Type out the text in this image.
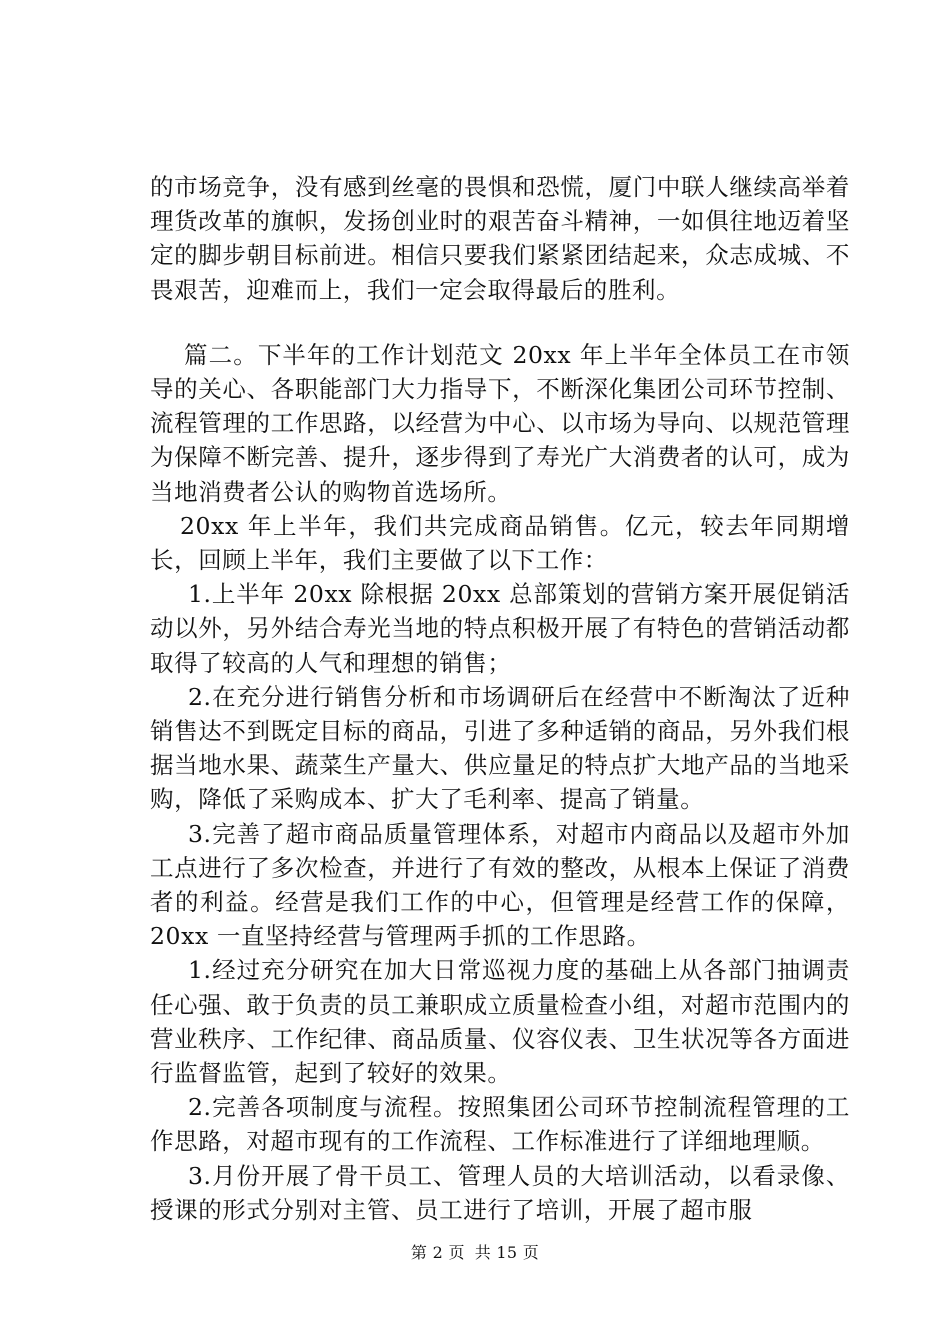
的市场竞争，没有感到丝毫的畏惧和恐慌，厦门中联人继续高举着理货改革的旗帜，发扬创业时的艰苦奋斗精神，一如俱往地迈着坚定的脚步朝目标前进。相信只要我们紧紧团结起来，众志成城、不畏艰苦，迎难而上，我们一定会取得最后的胜利。

篇二。下半年的工作计划范文 20xx 年上半年全体员工在市领导的关心、各职能部门大力指导下，不断深化集团公司环节控制、流程管理的工作思路，以经营为中心、以市场为导向、以规范管理为保障不断完善、提升，逐步得到了寿光广大消费者的认可，成为当地消费者公认的购物首选场所。

20xx 年上半年，我们共完成商品销售。亿元，较去年同期增长，回顾上半年，我们主要做了以下工作：

1.上半年 20xx 除根据 20xx 总部策划的营销方案开展促销活动以外，另外结合寿光当地的特点积极开展了有特色的营销活动都取得了较高的人气和理想的销售；

2.在充分进行销售分析和市场调研后在经营中不断淘汰了近种销售达不到既定目标的商品，引进了多种适销的商品，另外我们根据当地水果、蔬菜生产量大、供应量足的特点扩大地产品的当地采购，降低了采购成本、扩大了毛利率、提高了销量。

3.完善了超市商品质量管理体系，对超市内商品以及超市外加工点进行了多次检查，并进行了有效的整改，从根本上保证了消费者的利益。经营是我们工作的中心，但管理是经营工作的保障，20xx 一直坚持经营与管理两手抓的工作思路。

1.经过充分研究在加大日常巡视力度的基础上从各部门抽调责任心强、敢于负责的员工兼职成立质量检查小组，对超市范围内的营业秩序、工作纪律、商品质量、仪容仪表、卫生状况等各方面进行监督监管，起到了较好的效果。

2.完善各项制度与流程。按照集团公司环节控制流程管理的工作思路，对超市现有的工作流程、工作标准进行了详细地理顺。

3.月份开展了骨干员工、管理人员的大培训活动，以看录像、授课的形式分别对主管、员工进行了培训，开展了超市服

第 2 页 共 15 页
